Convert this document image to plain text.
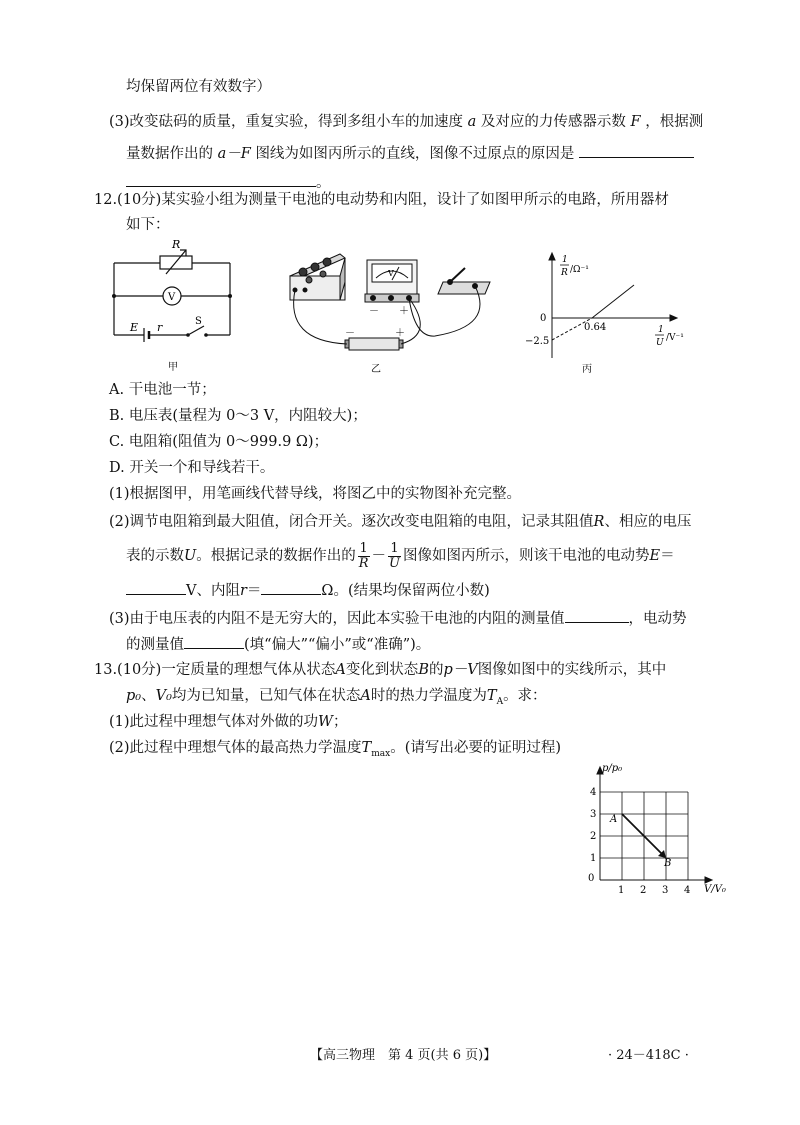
均保留两位有效数字）
(3)改变砝码的质量，重复实验，得到多组小车的加速度 a 及对应的力传感器示数 F ，根据测
量数据作出的 a－F 图线为如图丙所示的直线，图像不过原点的原因是
。
12.(10分)某实验小组为测量干电池的电动势和内阻，设计了如图甲所示的电路，所用器材
如下：
R
V
E r	S
甲
V
－ ＋
－	＋
乙
1
R /Ω⁻¹
0
0.64
−2.5
1
U /V⁻¹
丙
A. 干电池一节；
B. 电压表(量程为 0～3 V，内阻较大)；
C. 电阻箱(阻值为 0～999.9 Ω)；
D. 开关一个和导线若干。
(1)根据图甲，用笔画线代替导线，将图乙中的实物图补充完整。
(2)调节电阻箱到最大阻值，闭合开关。逐次改变电阻箱的电阻，记录其阻值R、相应的电压
表的示数U。根据记录的数据作出的 $\frac{1}{R} - \frac{1}{U}$ 图像如图丙所示，则该干电池的电动势E＝
V、内阻r＝	Ω。(结果均保留两位小数)
(3)由于电压表的内阻不是无穷大的，因此本实验干电池的内阻的测量值	，电动势
的测量值	(填“偏大”“偏小”或“准确”)。
13.(10分)一定质量的理想气体从状态A变化到状态B的p－V图像如图中的实线所示，其中
p₀、V₀均为已知量，已知气体在状态A时的热力学温度为$T_A$。求：
(1)此过程中理想气体对外做的功W；
(2)此过程中理想气体的最高热力学温度$T_{max}$。(请写出必要的证明过程)
p/p₀
V/V₀
0
1 2 3 4
1
2
3
4
A
B
【高三物理　第 4 页(共 6 页)】	· 24－418C ·
